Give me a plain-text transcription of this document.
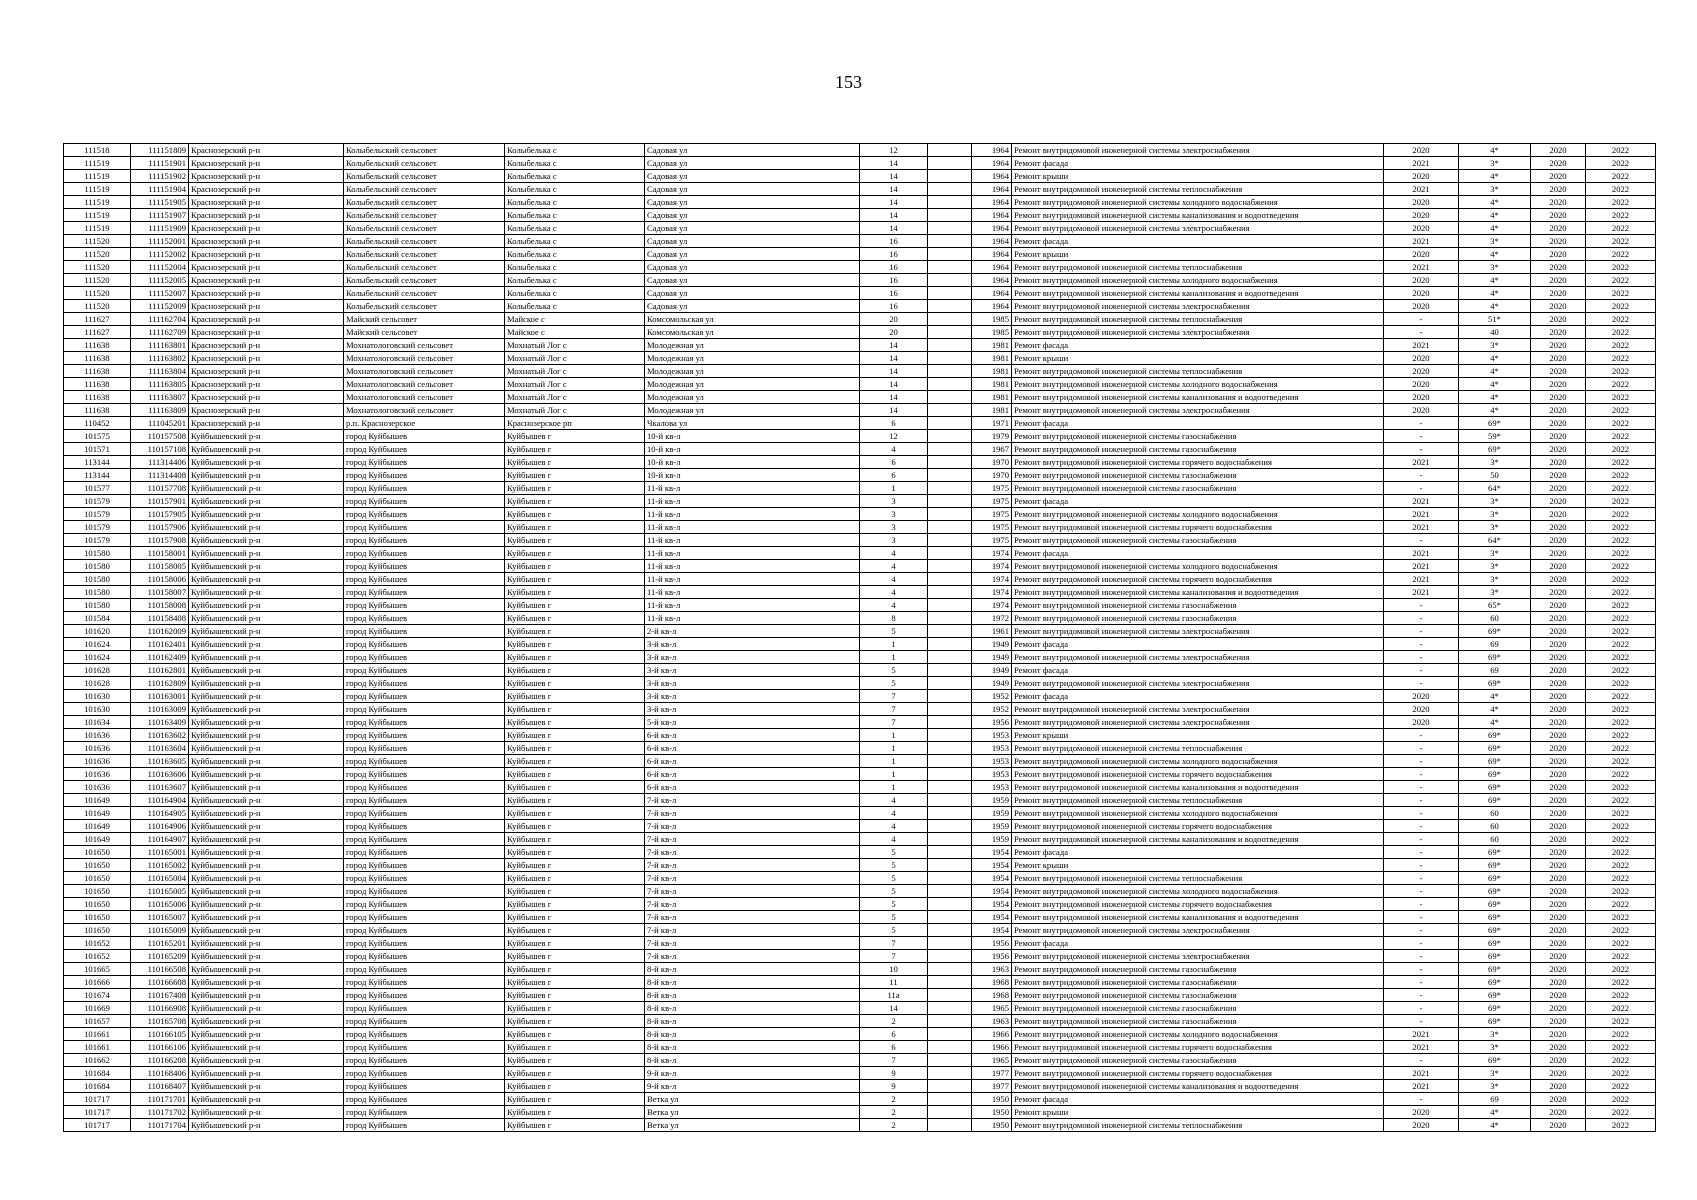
153
111518	111151809	Краснозерский р-н	Колыбельский сельсовет	Колыбелька с	Садовая ул	12		1964	Ремонт внутридомовой инженерной системы электроснабжения	2020	4*	2020	2022
111519	111151901	Краснозерский р-н	Колыбельский сельсовет	Колыбелька с	Садовая ул	14		1964	Ремонт фасада	2021	3*	2020	2022
111519	111151902	Краснозерский р-н	Колыбельский сельсовет	Колыбелька с	Садовая ул	14		1964	Ремонт крыши	2020	4*	2020	2022
111519	111151904	Краснозерский р-н	Колыбельский сельсовет	Колыбелька с	Садовая ул	14		1964	Ремонт внутридомовой инженерной системы теплоснабжения	2021	3*	2020	2022
111519	111151905	Краснозерский р-н	Колыбельский сельсовет	Колыбелька с	Садовая ул	14		1964	Ремонт внутридомовой инженерной системы холодного водоснабжения	2020	4*	2020	2022
111519	111151907	Краснозерский р-н	Колыбельский сельсовет	Колыбелька с	Садовая ул	14		1964	Ремонт внутридомовой инженерной системы канализования и водоотведения	2020	4*	2020	2022
111519	111151909	Краснозерский р-н	Колыбельский сельсовет	Колыбелька с	Садовая ул	14		1964	Ремонт внутридомовой инженерной системы электроснабжения	2020	4*	2020	2022
111520	111152001	Краснозерский р-н	Колыбельский сельсовет	Колыбелька с	Садовая ул	16		1964	Ремонт фасада	2021	3*	2020	2022
111520	111152002	Краснозерский р-н	Колыбельский сельсовет	Колыбелька с	Садовая ул	16		1964	Ремонт крыши	2020	4*	2020	2022
111520	111152004	Краснозерский р-н	Колыбельский сельсовет	Колыбелька с	Садовая ул	16		1964	Ремонт внутридомовой инженерной системы теплоснабжения	2021	3*	2020	2022
111520	111152005	Краснозерский р-н	Колыбельский сельсовет	Колыбелька с	Садовая ул	16		1964	Ремонт внутридомовой инженерной системы холодного водоснабжения	2020	4*	2020	2022
111520	111152007	Краснозерский р-н	Колыбельский сельсовет	Колыбелька с	Садовая ул	16		1964	Ремонт внутридомовой инженерной системы канализования и водоотведения	2020	4*	2020	2022
111520	111152009	Краснозерский р-н	Колыбельский сельсовет	Колыбелька с	Садовая ул	16		1964	Ремонт внутридомовой инженерной системы электроснабжения	2020	4*	2020	2022
111627	111162704	Краснозерский р-н	Майский сельсовет	Майское с	Комсомольская ул	20		1985	Ремонт внутридомовой инженерной системы теплоснабжения	-	51*	2020	2022
111627	111162709	Краснозерский р-н	Майский сельсовет	Майское с	Комсомольская ул	20		1985	Ремонт внутридомовой инженерной системы электроснабжения	-	40	2020	2022
111638	111163801	Краснозерский р-н	Мохнатологовский сельсовет	Мохнатый Лог с	Молодежная ул	14		1981	Ремонт фасада	2021	3*	2020	2022
111638	111163802	Краснозерский р-н	Мохнатологовский сельсовет	Мохнатый Лог с	Молодежная ул	14		1981	Ремонт крыши	2020	4*	2020	2022
111638	111163804	Краснозерский р-н	Мохнатологовский сельсовет	Мохнатый Лог с	Молодежная ул	14		1981	Ремонт внутридомовой инженерной системы теплоснабжения	2020	4*	2020	2022
111638	111163805	Краснозерский р-н	Мохнатологовский сельсовет	Мохнатый Лог с	Молодежная ул	14		1981	Ремонт внутридомовой инженерной системы холодного водоснабжения	2020	4*	2020	2022
111638	111163807	Краснозерский р-н	Мохнатологовский сельсовет	Мохнатый Лог с	Молодежная ул	14		1981	Ремонт внутридомовой инженерной системы канализования и водоотведения	2020	4*	2020	2022
111638	111163809	Краснозерский р-н	Мохнатологовский сельсовет	Мохнатый Лог с	Молодежная ул	14		1981	Ремонт внутридомовой инженерной системы электроснабжения	2020	4*	2020	2022
110452	111045201	Краснозерский р-н	р.п. Краснозерское	Краснозерское рп	Чкалова ул	6		1971	Ремонт фасада	-	69*	2020	2022
101575	110157508	Куйбышевский р-н	город Куйбышев	Куйбышев г	10-й кв-л	12		1979	Ремонт внутридомовой инженерной системы газоснабжения	-	59*	2020	2022
101571	110157108	Куйбышевский р-н	город Куйбышев	Куйбышев г	10-й кв-л	4		1967	Ремонт внутридомовой инженерной системы газоснабжения	-	69*	2020	2022
113144	111314406	Куйбышевский р-н	город Куйбышев	Куйбышев г	10-й кв-л	6		1970	Ремонт внутридомовой инженерной системы горячего водоснабжения	2021	3*	2020	2022
113144	111314408	Куйбышевский р-н	город Куйбышев	Куйбышев г	10-й кв-л	6		1970	Ремонт внутридомовой инженерной системы газоснабжения	-	50	2020	2022
101577	110157708	Куйбышевский р-н	город Куйбышев	Куйбышев г	11-й кв-л	1		1975	Ремонт внутридомовой инженерной системы газоснабжения	-	64*	2020	2022
101579	110157901	Куйбышевский р-н	город Куйбышев	Куйбышев г	11-й кв-л	3		1975	Ремонт фасада	2021	3*	2020	2022
101579	110157905	Куйбышевский р-н	город Куйбышев	Куйбышев г	11-й кв-л	3		1975	Ремонт внутридомовой инженерной системы холодного водоснабжения	2021	3*	2020	2022
101579	110157906	Куйбышевский р-н	город Куйбышев	Куйбышев г	11-й кв-л	3		1975	Ремонт внутридомовой инженерной системы горячего водоснабжения	2021	3*	2020	2022
101579	110157908	Куйбышевский р-н	город Куйбышев	Куйбышев г	11-й кв-л	3		1975	Ремонт внутридомовой инженерной системы газоснабжения	-	64*	2020	2022
101580	110158001	Куйбышевский р-н	город Куйбышев	Куйбышев г	11-й кв-л	4		1974	Ремонт фасада	2021	3*	2020	2022
101580	110158005	Куйбышевский р-н	город Куйбышев	Куйбышев г	11-й кв-л	4		1974	Ремонт внутридомовой инженерной системы холодного водоснабжения	2021	3*	2020	2022
101580	110158006	Куйбышевский р-н	город Куйбышев	Куйбышев г	11-й кв-л	4		1974	Ремонт внутридомовой инженерной системы горячего водоснабжения	2021	3*	2020	2022
101580	110158007	Куйбышевский р-н	город Куйбышев	Куйбышев г	11-й кв-л	4		1974	Ремонт внутридомовой инженерной системы канализования и водоотведения	2021	3*	2020	2022
101580	110158008	Куйбышевский р-н	город Куйбышев	Куйбышев г	11-й кв-л	4		1974	Ремонт внутридомовой инженерной системы газоснабжения	-	65*	2020	2022
101584	110158408	Куйбышевский р-н	город Куйбышев	Куйбышев г	11-й кв-л	8		1972	Ремонт внутридомовой инженерной системы газоснабжения	-	60	2020	2022
101620	110162009	Куйбышевский р-н	город Куйбышев	Куйбышев г	2-й кв-л	5		1961	Ремонт внутридомовой инженерной системы электроснабжения	-	69*	2020	2022
101624	110162401	Куйбышевский р-н	город Куйбышев	Куйбышев г	3-й кв-л	1		1949	Ремонт фасада	-	69	2020	2022
101624	110162409	Куйбышевский р-н	город Куйбышев	Куйбышев г	3-й кв-л	1		1949	Ремонт внутридомовой инженерной системы электроснабжения	-	69*	2020	2022
101628	110162801	Куйбышевский р-н	город Куйбышев	Куйбышев г	3-й кв-л	5		1949	Ремонт фасада	-	69	2020	2022
101628	110162809	Куйбышевский р-н	город Куйбышев	Куйбышев г	3-й кв-л	5		1949	Ремонт внутридомовой инженерной системы электроснабжения	-	69*	2020	2022
101630	110163001	Куйбышевский р-н	город Куйбышев	Куйбышев г	3-й кв-л	7		1952	Ремонт фасада	2020	4*	2020	2022
101630	110163009	Куйбышевский р-н	город Куйбышев	Куйбышев г	3-й кв-л	7		1952	Ремонт внутридомовой инженерной системы электроснабжения	2020	4*	2020	2022
101634	110163409	Куйбышевский р-н	город Куйбышев	Куйбышев г	5-й кв-л	7		1956	Ремонт внутридомовой инженерной системы электроснабжения	2020	4*	2020	2022
101636	110163602	Куйбышевский р-н	город Куйбышев	Куйбышев г	6-й кв-л	1		1953	Ремонт крыши	-	69*	2020	2022
101636	110163604	Куйбышевский р-н	город Куйбышев	Куйбышев г	6-й кв-л	1		1953	Ремонт внутридомовой инженерной системы теплоснабжения	-	69*	2020	2022
101636	110163605	Куйбышевский р-н	город Куйбышев	Куйбышев г	6-й кв-л	1		1953	Ремонт внутридомовой инженерной системы холодного водоснабжения	-	69*	2020	2022
101636	110163606	Куйбышевский р-н	город Куйбышев	Куйбышев г	6-й кв-л	1		1953	Ремонт внутридомовой инженерной системы горячего водоснабжения	-	69*	2020	2022
101636	110163607	Куйбышевский р-н	город Куйбышев	Куйбышев г	6-й кв-л	1		1953	Ремонт внутридомовой инженерной системы канализования и водоотведения	-	69*	2020	2022
101649	110164904	Куйбышевский р-н	город Куйбышев	Куйбышев г	7-й кв-л	4		1959	Ремонт внутридомовой инженерной системы теплоснабжения	-	69*	2020	2022
101649	110164905	Куйбышевский р-н	город Куйбышев	Куйбышев г	7-й кв-л	4		1959	Ремонт внутридомовой инженерной системы холодного водоснабжения	-	60	2020	2022
101649	110164906	Куйбышевский р-н	город Куйбышев	Куйбышев г	7-й кв-л	4		1959	Ремонт внутридомовой инженерной системы горячего водоснабжения	-	60	2020	2022
101649	110164907	Куйбышевский р-н	город Куйбышев	Куйбышев г	7-й кв-л	4		1959	Ремонт внутридомовой инженерной системы канализования и водоотведения	-	60	2020	2022
101650	110165001	Куйбышевский р-н	город Куйбышев	Куйбышев г	7-й кв-л	5		1954	Ремонт фасада	-	69*	2020	2022
101650	110165002	Куйбышевский р-н	город Куйбышев	Куйбышев г	7-й кв-л	5		1954	Ремонт крыши	-	69*	2020	2022
101650	110165004	Куйбышевский р-н	город Куйбышев	Куйбышев г	7-й кв-л	5		1954	Ремонт внутридомовой инженерной системы теплоснабжения	-	69*	2020	2022
101650	110165005	Куйбышевский р-н	город Куйбышев	Куйбышев г	7-й кв-л	5		1954	Ремонт внутридомовой инженерной системы холодного водоснабжения	-	69*	2020	2022
101650	110165006	Куйбышевский р-н	город Куйбышев	Куйбышев г	7-й кв-л	5		1954	Ремонт внутридомовой инженерной системы горячего водоснабжения	-	69*	2020	2022
101650	110165007	Куйбышевский р-н	город Куйбышев	Куйбышев г	7-й кв-л	5		1954	Ремонт внутридомовой инженерной системы канализования и водоотведения	-	69*	2020	2022
101650	110165009	Куйбышевский р-н	город Куйбышев	Куйбышев г	7-й кв-л	5		1954	Ремонт внутридомовой инженерной системы электроснабжения	-	69*	2020	2022
101652	110165201	Куйбышевский р-н	город Куйбышев	Куйбышев г	7-й кв-л	7		1956	Ремонт фасада	-	69*	2020	2022
101652	110165209	Куйбышевский р-н	город Куйбышев	Куйбышев г	7-й кв-л	7		1956	Ремонт внутридомовой инженерной системы электроснабжения	-	69*	2020	2022
101665	110166508	Куйбышевский р-н	город Куйбышев	Куйбышев г	8-й кв-л	10		1963	Ремонт внутридомовой инженерной системы газоснабжения	-	69*	2020	2022
101666	110166608	Куйбышевский р-н	город Куйбышев	Куйбышев г	8-й кв-л	11		1968	Ремонт внутридомовой инженерной системы газоснабжения	-	69*	2020	2022
101674	110167408	Куйбышевский р-н	город Куйбышев	Куйбышев г	8-й кв-л	11а		1968	Ремонт внутридомовой инженерной системы газоснабжения	-	69*	2020	2022
101669	110166908	Куйбышевский р-н	город Куйбышев	Куйбышев г	8-й кв-л	14		1965	Ремонт внутридомовой инженерной системы газоснабжения	-	69*	2020	2022
101657	110165708	Куйбышевский р-н	город Куйбышев	Куйбышев г	8-й кв-л	2		1963	Ремонт внутридомовой инженерной системы газоснабжения	-	69*	2020	2022
101661	110166105	Куйбышевский р-н	город Куйбышев	Куйбышев г	8-й кв-л	6		1966	Ремонт внутридомовой инженерной системы холодного водоснабжения	2021	3*	2020	2022
101661	110166106	Куйбышевский р-н	город Куйбышев	Куйбышев г	8-й кв-л	6		1966	Ремонт внутридомовой инженерной системы горячего водоснабжения	2021	3*	2020	2022
101662	110166208	Куйбышевский р-н	город Куйбышев	Куйбышев г	8-й кв-л	7		1965	Ремонт внутридомовой инженерной системы газоснабжения	-	69*	2020	2022
101684	110168406	Куйбышевский р-н	город Куйбышев	Куйбышев г	9-й кв-л	9		1977	Ремонт внутридомовой инженерной системы горячего водоснабжения	2021	3*	2020	2022
101684	110168407	Куйбышевский р-н	город Куйбышев	Куйбышев г	9-й кв-л	9		1977	Ремонт внутридомовой инженерной системы канализования и водоотведения	2021	3*	2020	2022
101717	110171701	Куйбышевский р-н	город Куйбышев	Куйбышев г	Ветка ул	2		1950	Ремонт фасада	-	69	2020	2022
101717	110171702	Куйбышевский р-н	город Куйбышев	Куйбышев г	Ветка ул	2		1950	Ремонт крыши	2020	4*	2020	2022
101717	110171704	Куйбышевский р-н	город Куйбышев	Куйбышев г	Ветка ул	2		1950	Ремонт внутридомовой инженерной системы теплоснабжения	2020	4*	2020	2022
